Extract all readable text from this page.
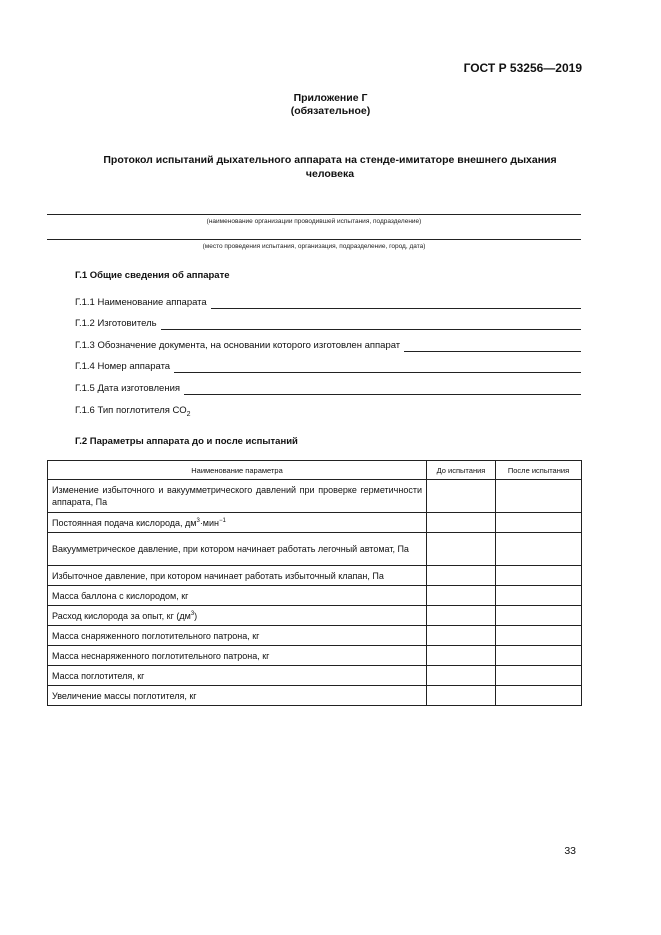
ГОСТ Р 53256—2019
Приложение Г
(обязательное)
Протокол испытаний дыхательного аппарата на стенде-имитаторе внешнего дыхания человека
(наименование организации проводившей испытания, подразделение)
(место проведения испытания, организация, подразделение, город, дата)
Г.1 Общие сведения об аппарате
Г.1.1 Наименование аппарата
Г.1.2 Изготовитель
Г.1.3 Обозначение документа, на основании которого изготовлен аппарат
Г.1.4 Номер аппарата
Г.1.5 Дата изготовления
Г.1.6 Тип поглотителя $СО_2$
Г.2 Параметры аппарата до и после испытаний
Наименование параметра	До испытания	После испытания
Изменение избыточного и вакуумметрического давлений при проверке герметичности аппарата, Па		
Постоянная подача кислорода, $дм^3\cdot мин^{-1}$		
Вакуумметрическое давление, при котором начинает работать легочный автомат, Па		
Избыточное давление, при котором начинает работать избыточный клапан, Па		
Масса баллона с кислородом, кг		
Расход кислорода за опыт, кг $(дм^3)$		
Масса снаряженного поглотительного патрона, кг		
Масса неснаряженного поглотительного патрона, кг		
Масса поглотителя, кг		
Увеличение массы поглотителя, кг		
33
